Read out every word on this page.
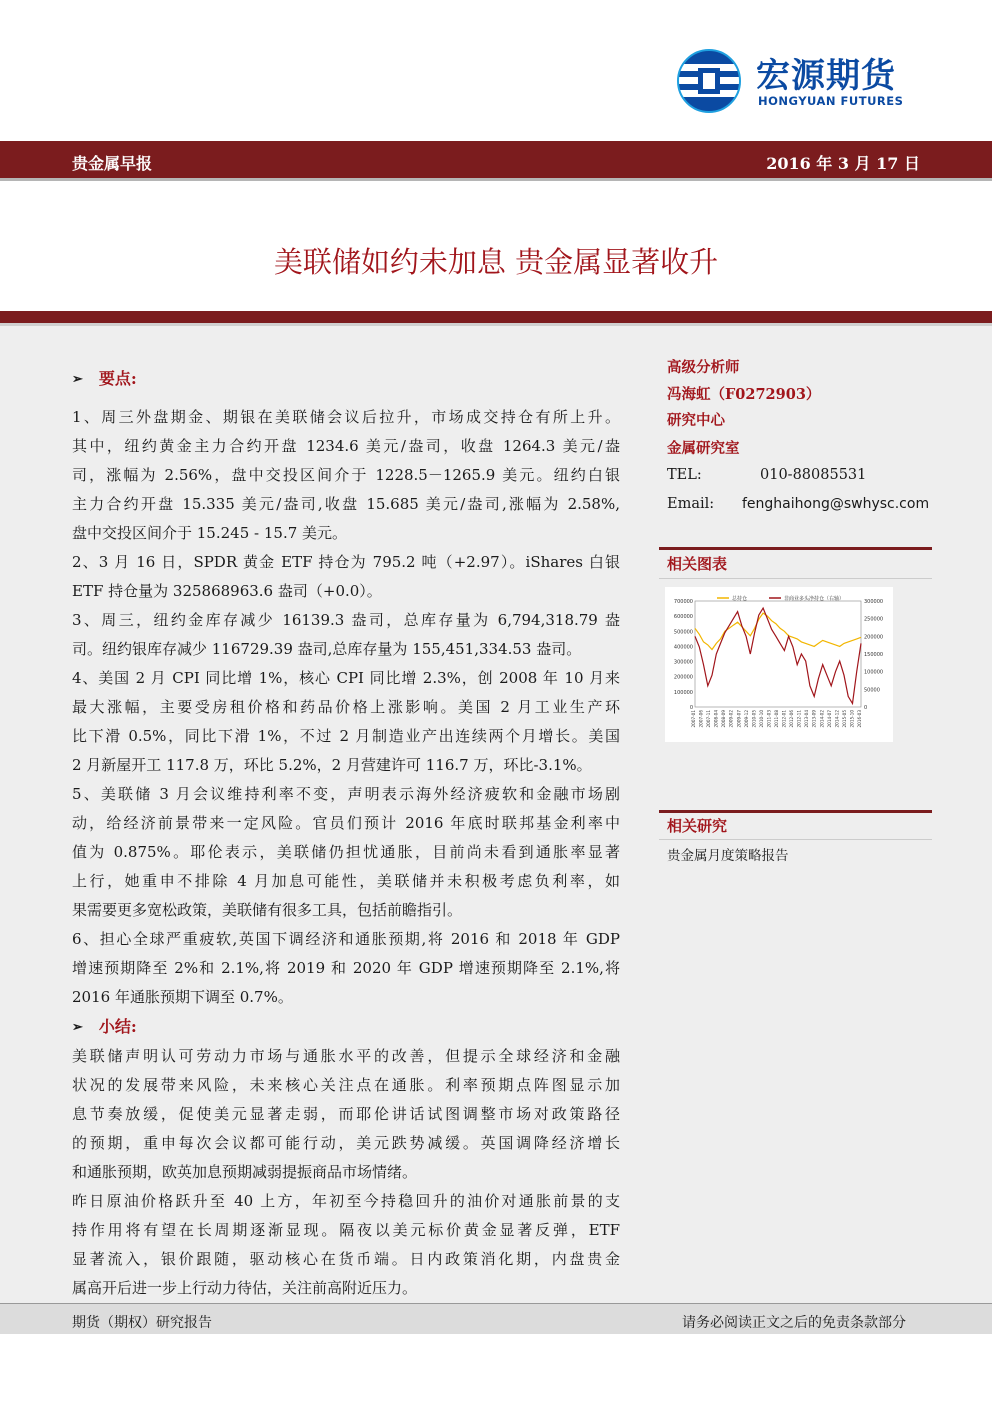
宏源期货
HONGYUAN FUTURES
贵金属早报	2016 年 3 月 17 日
美联储如约未加息 贵金属显著收升
➢ 要点:
1、周三外盘期金、期银在美联储会议后拉升，市场成交持仓有所上升。
其中，纽约黄金主力合约开盘 1234.6 美元/盎司，收盘 1264.3 美元/盎
司，涨幅为 2.56%，盘中交投区间介于 1228.5－1265.9 美元。纽约白银
主力合约开盘 15.335 美元/盎司,收盘 15.685 美元/盎司,涨幅为 2.58%,
盘中交投区间介于 15.245 - 15.7 美元。
2、3 月 16 日，SPDR 黄金 ETF 持仓为 795.2 吨（+2.97）。iShares 白银
ETF 持仓量为 325868963.6 盎司（+0.0）。
3、周三，纽约金库存减少 16139.3 盎司，总库存量为 6,794,318.79 盎
司。纽约银库存减少 116729.39 盎司,总库存量为 155,451,334.53 盎司。
4、美国 2 月 CPI 同比增 1%，核心 CPI 同比增 2.3%，创 2008 年 10 月来
最大涨幅，主要受房租价格和药品价格上涨影响。美国 2 月工业生产环
比下滑 0.5%，同比下滑 1%，不过 2 月制造业产出连续两个月增长。美国
2 月新屋开工 117.8 万，环比 5.2%，2 月营建许可 116.7 万，环比-3.1%。
5、美联储 3 月会议维持利率不变，声明表示海外经济疲软和金融市场剧
动，给经济前景带来一定风险。官员们预计 2016 年底时联邦基金利率中
值为 0.875%。耶伦表示，美联储仍担忧通胀，目前尚未看到通胀率显著
上行，她重申不排除 4 月加息可能性，美联储并未积极考虑负利率，如
果需要更多宽松政策，美联储有很多工具，包括前瞻指引。
6、担心全球严重疲软,英国下调经济和通胀预期,将 2016 和 2018 年 GDP
增速预期降至 2%和 2.1%,将 2019 和 2020 年 GDP 增速预期降至 2.1%,将
2016 年通胀预期下调至 0.7%。
➢ 小结:
美联储声明认可劳动力市场与通胀水平的改善，但提示全球经济和金融
状况的发展带来风险，未来核心关注点在通胀。利率预期点阵图显示加
息节奏放缓，促使美元显著走弱，而耶伦讲话试图调整市场对政策路径
的预期，重申每次会议都可能行动，美元跌势减缓。英国调降经济增长
和通胀预期，欧英加息预期减弱提振商品市场情绪。
昨日原油价格跃升至 40 上方，年初至今持稳回升的油价对通胀前景的支
持作用将有望在长周期逐渐显现。隔夜以美元标价黄金显著反弹，ETF
显著流入，银价跟随，驱动核心在货币端。日内政策消化期，内盘贵金
属高开后进一步上行动力待估，关注前高附近压力。
高级分析师
冯海虹（F0272903）
研究中心
金属研究室
TEL:	010-88085531
Email: fenghaihong@swhysc.com
相关图表
700000
600000
500000
400000
300000
200000
100000
0
300000
250000
200000
150000
100000
50000
0
2007-01 2007-06 2007-11 2008-04 2008-09 2009-02 2009-07 2009-12 2010-05 2010-10 2011-03 2011-08 2012-01 2012-06 2012-11 2013-04 2013-09 2014-02 2014-07 2014-12 2015-05 2015-10 2016-03
总持仓	非商业多头净持仓（右轴）
相关研究
贵金属月度策略报告
期货（期权）研究报告	请务必阅读正文之后的免责条款部分
